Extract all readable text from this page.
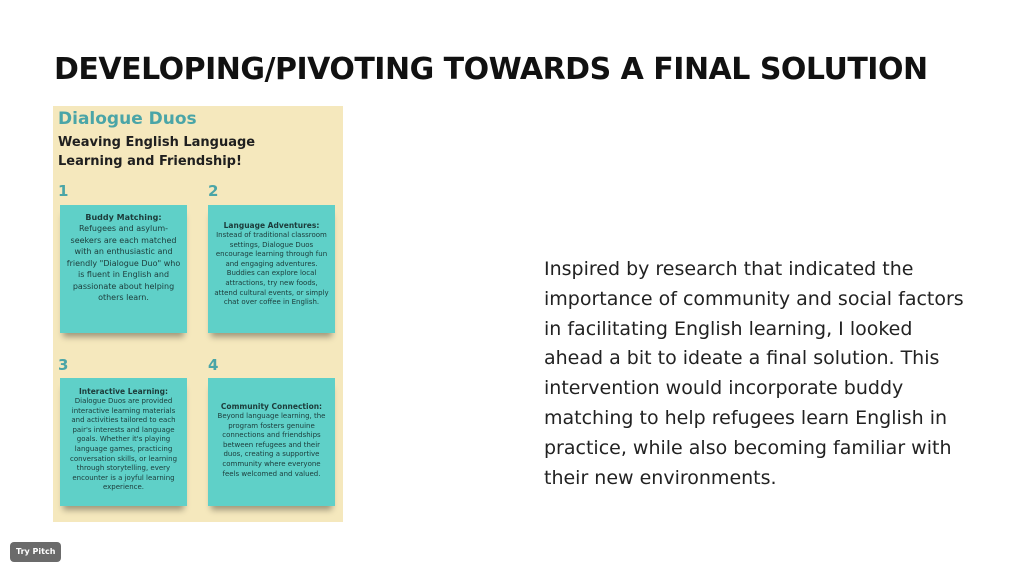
DEVELOPING/PIVOTING TOWARDS A FINAL SOLUTION
Dialogue Duos
Weaving English Language Learning and Friendship!
1	2
3	4
Buddy Matching:
Refugees and asylum-seekers are each matched with an enthusiastic and friendly "Dialogue Duo" who is fluent in English and passionate about helping others learn.
Language Adventures:
Instead of traditional classroom settings, Dialogue Duos encourage learning through fun and engaging adventures. Buddies can explore local attractions, try new foods, attend cultural events, or simply chat over coffee in English.
Interactive Learning:
Dialogue Duos are provided interactive learning materials and activities tailored to each pair's interests and language goals. Whether it's playing language games, practicing conversation skills, or learning through storytelling, every encounter is a joyful learning experience.
Community Connection:
Beyond language learning, the program fosters genuine connections and friendships between refugees and their duos, creating a supportive community where everyone feels welcomed and valued.
Inspired by research that indicated the importance of community and social factors in facilitating English learning, I looked ahead a bit to ideate a final solution. This intervention would incorporate buddy matching to help refugees learn English in practice, while also becoming familiar with their new environments.
Try Pitch
